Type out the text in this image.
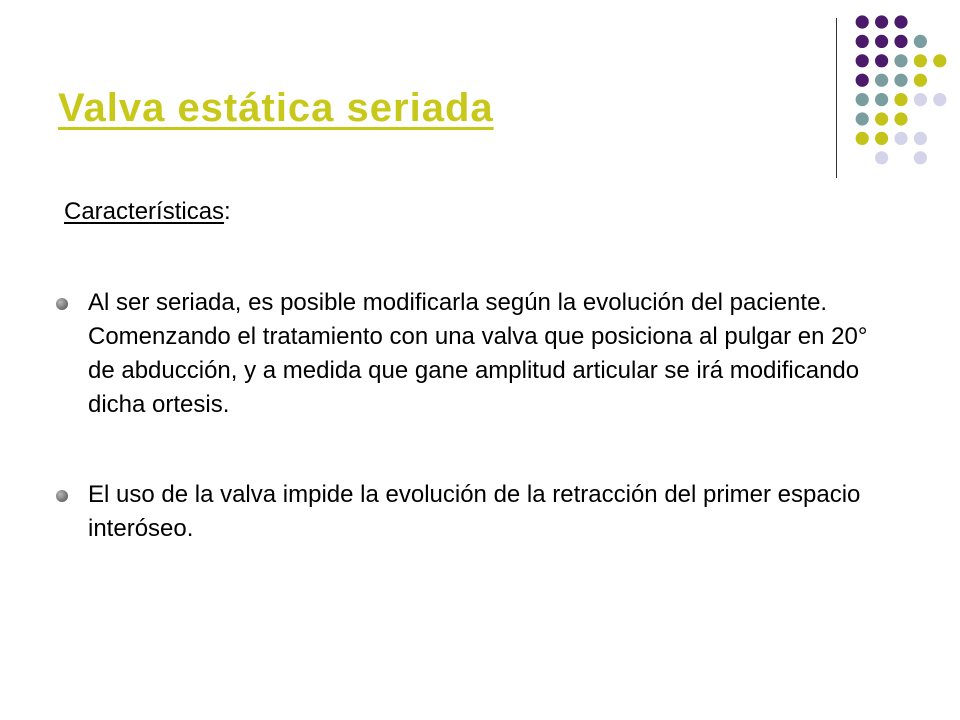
Valva estática seriada
Características:
Al ser seriada, es posible modificarla según la evolución del paciente. Comenzando el tratamiento con una valva que posiciona al pulgar en 20° de abducción, y a medida que gane amplitud articular se irá modificando dicha ortesis.
El uso de la valva impide la evolución de la retracción del primer espacio interóseo.
